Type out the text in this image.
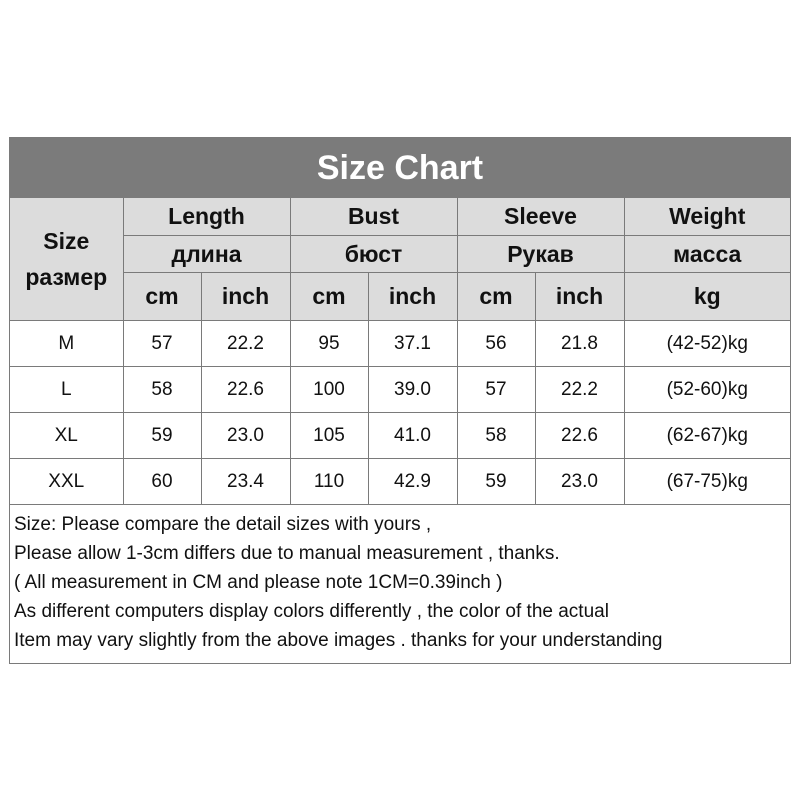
Size Chart
Size
размер	Length		Bust		Sleeve		Weight
	длина		бюст		Рукав		масса
	cm	inch	cm	inch	cm	inch	kg
M	57	22.2	95	37.1	56	21.8	(42-52)kg
L	58	22.6	100	39.0	57	22.2	(52-60)kg
XL	59	23.0	105	41.0	58	22.6	(62-67)kg
XXL	60	23.4	110	42.9	59	23.0	(67-75)kg
Size: Please compare the detail sizes with yours ,
Please allow 1-3cm differs due to manual measurement , thanks.
( All measurement in CM and please note 1CM=0.39inch )
As different computers display colors differently , the color of the actual
Item may vary slightly from the above images . thanks for your understanding
